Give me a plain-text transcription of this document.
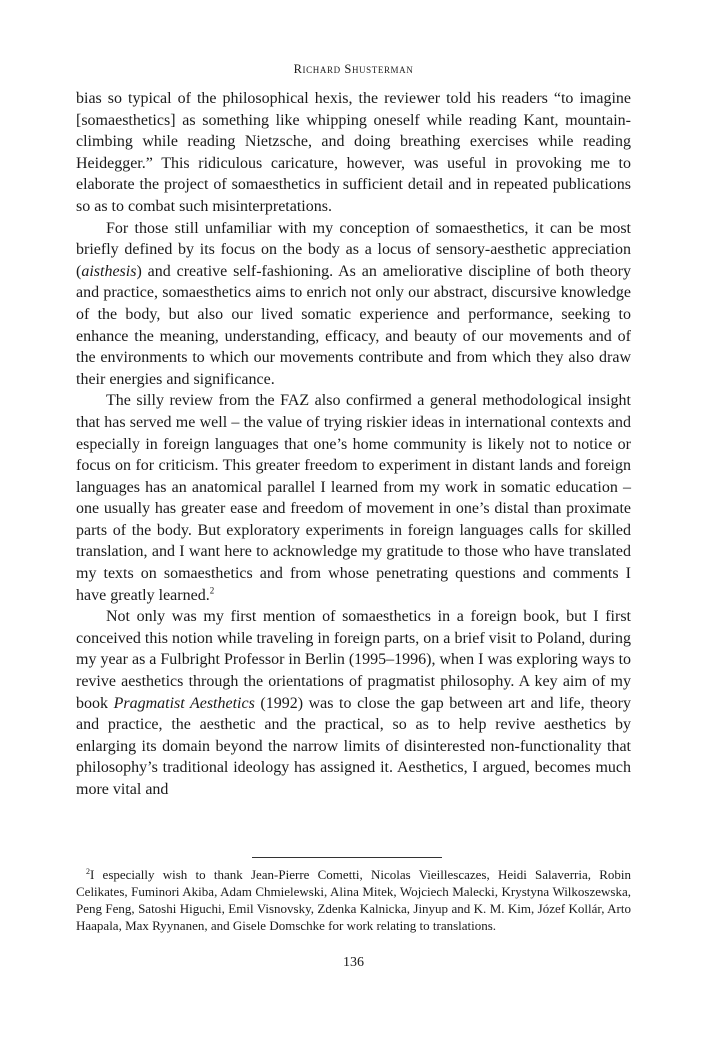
Richard Shusterman

bias so typical of the philosophical hexis, the reviewer told his readers “to imagine [somaesthetics] as something like whipping oneself while reading Kant, mountain-climbing while reading Nietzsche, and doing breathing exercises while reading Heidegger.” This ridiculous caricature, however, was useful in provoking me to elaborate the project of somaesthetics in sufficient detail and in repeated publications so as to combat such misinterpretations.

For those still unfamiliar with my conception of somaesthetics, it can be most briefly defined by its focus on the body as a locus of sensory-aesthetic appreciation (aisthesis) and creative self-fashioning. As an ameliorative discipline of both theory and practice, somaesthetics aims to enrich not only our abstract, discursive knowledge of the body, but also our lived somatic experience and performance, seeking to enhance the meaning, understanding, efficacy, and beauty of our movements and of the environments to which our movements contribute and from which they also draw their energies and significance.

The silly review from the FAZ also confirmed a general methodological insight that has served me well – the value of trying riskier ideas in international contexts and especially in foreign languages that one’s home community is likely not to notice or focus on for criticism. This greater freedom to experiment in distant lands and foreign languages has an anatomical parallel I learned from my work in somatic education – one usually has greater ease and freedom of movement in one’s distal than proximate parts of the body. But exploratory experiments in foreign languages calls for skilled translation, and I want here to acknowledge my gratitude to those who have translated my texts on somaesthetics and from whose penetrating questions and comments I have greatly learned.$^2$

Not only was my first mention of somaesthetics in a foreign book, but I first conceived this notion while traveling in foreign parts, on a brief visit to Poland, during my year as a Fulbright Professor in Berlin (1995–1996), when I was exploring ways to revive aesthetics through the orientations of pragmatist philosophy. A key aim of my book Pragmatist Aesthetics (1992) was to close the gap between art and life, theory and practice, the aesthetic and the practical, so as to help revive aesthetics by enlarging its domain beyond the narrow limits of disinterested non-functionality that philosophy’s traditional ideology has assigned it. Aesthetics, I argued, becomes much more vital and

$^2$I especially wish to thank Jean-Pierre Cometti, Nicolas Vieillescazes, Heidi Salaverria, Robin Celikates, Fuminori Akiba, Adam Chmielewski, Alina Mitek, Wojciech Malecki, Krystyna Wilkoszewska, Peng Feng, Satoshi Higuchi, Emil Visnovsky, Zdenka Kalnicka, Jinyup and K. M. Kim, Józef Kollár, Arto Haapala, Max Ryynanen, and Gisele Domschke for work relating to translations.

136
